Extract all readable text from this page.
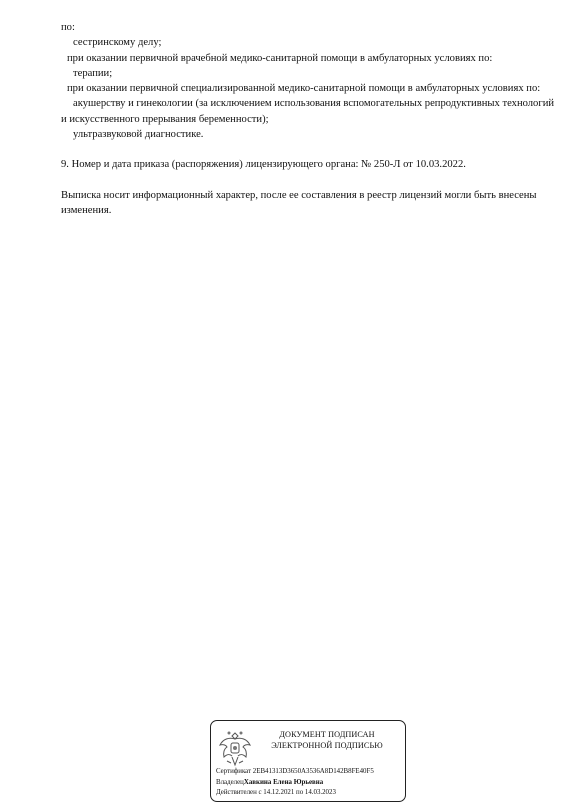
по:
сестринскому делу;
при оказании первичной врачебной медико-санитарной помощи в амбулаторных условиях по:
терапии;
при оказании первичной специализированной медико-санитарной помощи в амбулаторных условиях по:
акушерству и гинекологии (за исключением использования вспомогательных репродуктивных технологий и искусственного прерывания беременности);
ультразвуковой диагностике.
9. Номер и дата приказа (распоряжения) лицензирующего органа: № 250-Л от 10.03.2022.
Выписка носит информационный характер, после ее составления в реестр лицензий могли быть внесены изменения.
ДОКУМЕНТ ПОДПИСАН
ЭЛЕКТРОННОЙ ПОДПИСЬЮ
Сертификат 2EB41313D3650A3536A8D142B8FE40F5
ВладелецХавкина Елена Юрьевна
Действителен с 14.12.2021 по 14.03.2023
